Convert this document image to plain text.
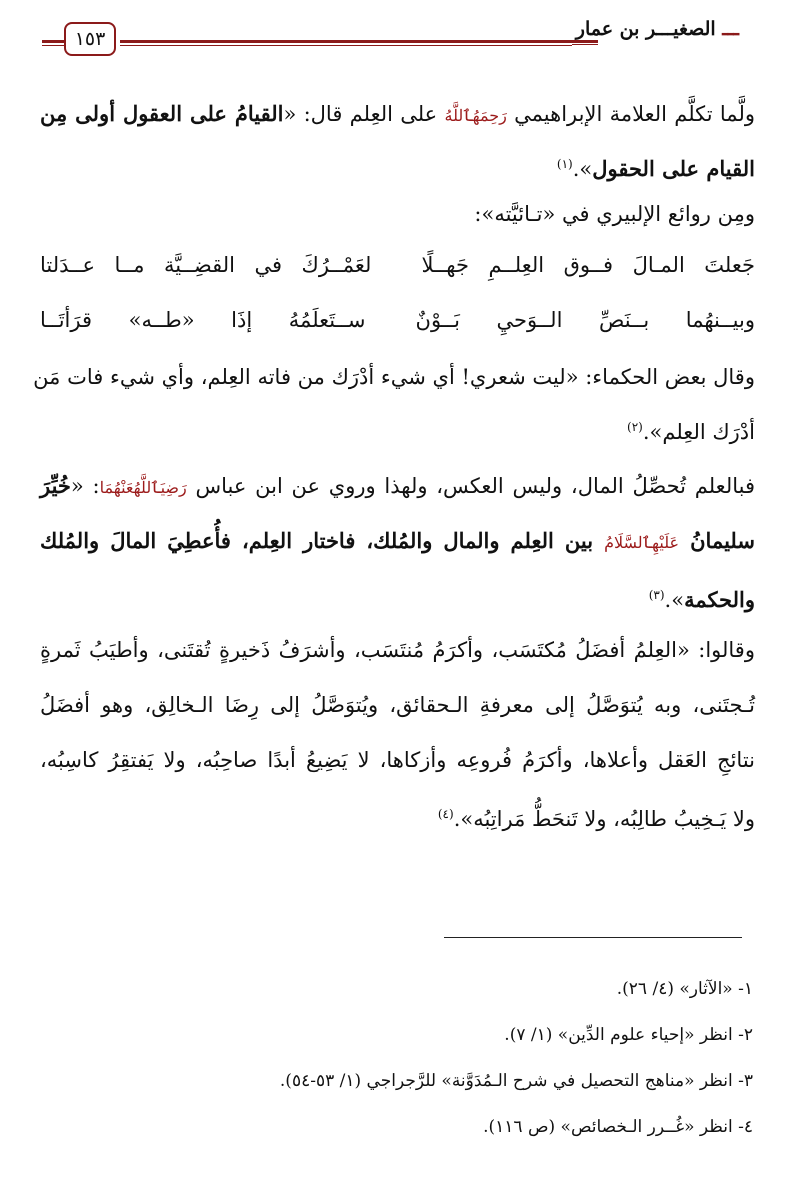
ـــ الصغيـــر بن عمار
١٥٣
ولَّما تكلَّم العلامة الإبراهيمي رَحِمَهُٱللَّهُ على العِلم قال: «القيامُ على العقول أولى مِن
القيام على الحقول».$^{(١)}$
ومِن روائع الإلبيري في «تـائيَّته»:
جَعلتَ المـالَ فــوق العِلــمِ جَهــلًالعَمْــرُكَ في القضِــيَّة مــا عــدَلتا
وبيــنهُما بــنَصِّ الــوَحيِ بَــوْنٌســتَعلَمُهُ إذَا «طــه» قرَأتَــا
وقال بعض الحكماء: «ليت شعري! أي شيء أدْرَك من فاته العِلم، وأي شيء فات مَن
أدْرَك العِلم».$^{(٢)}$
فبالعلم تُحصِّلُ المال، وليس العكس، ولهذا وروي عن ابن عباس رَضِيَٱللَّهُعَنْهُمَا: «خُيِّرَ
سليمانُ عَلَيْهِٱلسَّلَامُ بين العِلم والمال والمُلك، فاختار العِلم، فأُعطِيَ المالَ والمُلك
والحكمة».$^{(٣)}$
وقالوا: «العِلمُ أفضَلُ مُكتَسَب، وأكرَمُ مُنتَسَب، وأشرَفُ ذَخيرةٍ تُقتَنى، وأطيَبُ ثَمرةٍ
تُـجتَنى، وبه يُتوَصَّلُ إلى معرفةِ الـحقائق، ويُتوَصَّلُ إلى رِضَا الـخالِق، وهو أفضَلُ
نتائجِ العَقل وأعلاها، وأكرَمُ فُروعِه وأزكاها، لا يَضِيعُ أبدًا صاحِبُه، ولا يَفتقِرُ كاسِبُه،
ولا يَـخِيبُ طالِبُه، ولا تَنحَطُّ مَراتِبُه».$^{(٤)}$
١- «الآثار» (٤/ ٢٦).
٢- انظر «إحياء علوم الدِّين» (١/ ٧).
٣- انظر «مناهج التحصيل في شرح الـمُدَوَّنة» للرَّجراجي (١/ ٥٣-٥٤).
٤- انظر «غُــرر الـخصائص» (ص ١١٦).
